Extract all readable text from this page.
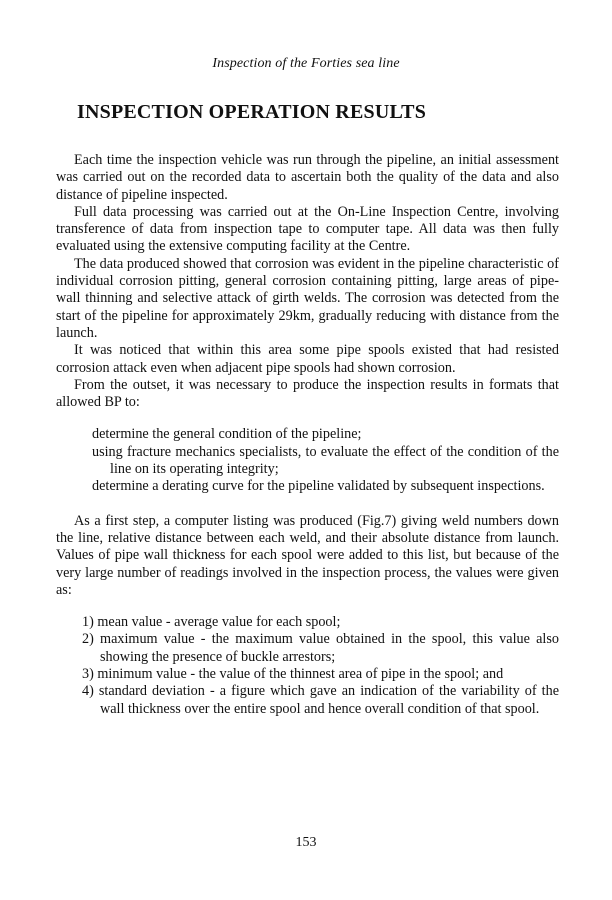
Inspection of the Forties sea line
INSPECTION OPERATION RESULTS

Each time the inspection vehicle was run through the pipeline, an initial assessment was carried out on the recorded data to ascertain both the quality of the data and also distance of pipeline inspected.

Full data processing was carried out at the On-Line Inspection Centre, involving transference of data from inspection tape to computer tape. All data was then fully evaluated using the extensive computing facility at the Centre.

The data produced showed that corrosion was evident in the pipeline characteristic of individual corrosion pitting, general corrosion containing pitting, large areas of pipe-wall thinning and selective attack of girth welds. The corrosion was detected from the start of the pipeline for approximately 29km, gradually reducing with distance from the launch.

It was noticed that within this area some pipe spools existed that had resisted corrosion attack even when adjacent pipe spools had shown corrosion.

From the outset, it was necessary to produce the inspection results in formats that allowed BP to:

determine the general condition of the pipeline;
using fracture mechanics specialists, to evaluate the effect of the condition of the line on its operating integrity;
determine a derating curve for the pipeline validated by subsequent inspections.

As a first step, a computer listing was produced (Fig.7) giving weld numbers down the line, relative distance between each weld, and their absolute distance from launch. Values of pipe wall thickness for each spool were added to this list, but because of the very large number of readings involved in the inspection process, the values were given as:

1) mean value - average value for each spool;
2) maximum value - the maximum value obtained in the spool, this value also showing the presence of buckle arrestors;
3) minimum value - the value of the thinnest area of pipe in the spool; and
4) standard deviation - a figure which gave an indication of the variability of the wall thickness over the entire spool and hence overall condition of that spool.
153
